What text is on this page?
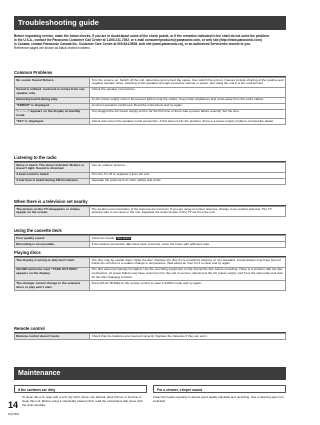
Troubleshooting guide

Before requesting service, make the below checks. If you are in doubt about some of the check points, or if the remedies indicated in the chart do not solve the problem:

In the U.S.A., contact the Panasonic Customer Call Center at 1-800-211-7262, or e-mail consumerproducts@panasonic.com, or web site (http://www.panasonic.com)

In Canada, contact Panasonic Canada Inc. Customer Care Centre at 905-624-5505, web site (www.panasonic.ca), or an authorized Servicentre closest to you.

Reference pages are shown as black circled numbers

Common Problems
No sound. Sound flickers.	Turn the volume up. Switch off the unit, determine and correct the cause, then switch the unit on. Causes include shorting of the positive and negative speaker wires, straining of the speakers through excessive volume or power, and using the unit in a hot environment.
Sound is unfixed, reversed or comes from one speaker only.	Check the speaker connections.
Humming heard during play.	An AC power supply cord or fluorescent light is near the cables. Keep other appliances and cords away from this unit's cables.
"ERROR" is displayed.	Incorrect operation performed. Read the instructions and try again.
"– – :– –" appears on the display at standby mode.	You plugged the AC power supply cord in for the first time or there was a power failure recently. Set the time.
"F61" is displayed.	Check and correct the speaker cords connection. If this does not fix the problem, there is a power supply problem. Consult the dealer.
Listening to the radio
Noise is heard. The stereo indicator flickers or doesn't light. Sound is distorted.	Use an outdoor antenna.
A beat sound is heard.	Turn the TV off or separate it from the unit.
A low hum is heard during AM broadcasts.	Separate the antenna from other cables and cords.
When there is a television set nearby
The picture on the TV disappears or stripes appear on the screen.	The location and orientation of the antenna are incorrect. If you are using an indoor antenna, change to an outdoor antenna. The TV antenna wire is too close to the unit. Separate the antenna wire of the TV set from the unit.
Using the cassette deck
Poor quality sound.	Clean the heads. See below
Recording is not possible.	If the erasure prevention tabs have been removed, cover the holes with adhesive tape.
Playing discs
The display is wrong or play won't start.	The disc may be upside down. Wipe the disc. Replace the disc if it is scratched, warped, or non-standard. Condensation may have formed inside the unit due to a sudden change in temperature. Wait about an hour for it to clear and try again.
CD-RW cannot be read. "TAKE OUT DISC" appears on the display.	The disc was incompletely formatted. Use the recording equipment to fully format the disc before recording. There is a problem with the disc mechanism. (A power failure may have occurred.) For the unit to recover, disconnect the AC power supply cord from the wall outlet and wait for the disc changing to finish.
The changer cannot change to the selected discs or play won't start.	Press [PLAY MODE] on the remote control to clear 1-SONG mode and try again.
Remote control
Remote control doesn't work.	Check that the batteries are inserted correctly. Replace the batteries if they are worn.
Maintenance
If the surfaces are dirty	For a cleaner, crisper sound

To clean this unit, wipe with a soft, dry cloth. Never use alcohol, paint thinner or benzine to clean this unit. Before using a chemically treated cloth, read the instructions that came with the cloth carefully.

Clean the heads regularly to assure good quality playback and recording. Use a cleaning tape (not included).

14
RQT6591
